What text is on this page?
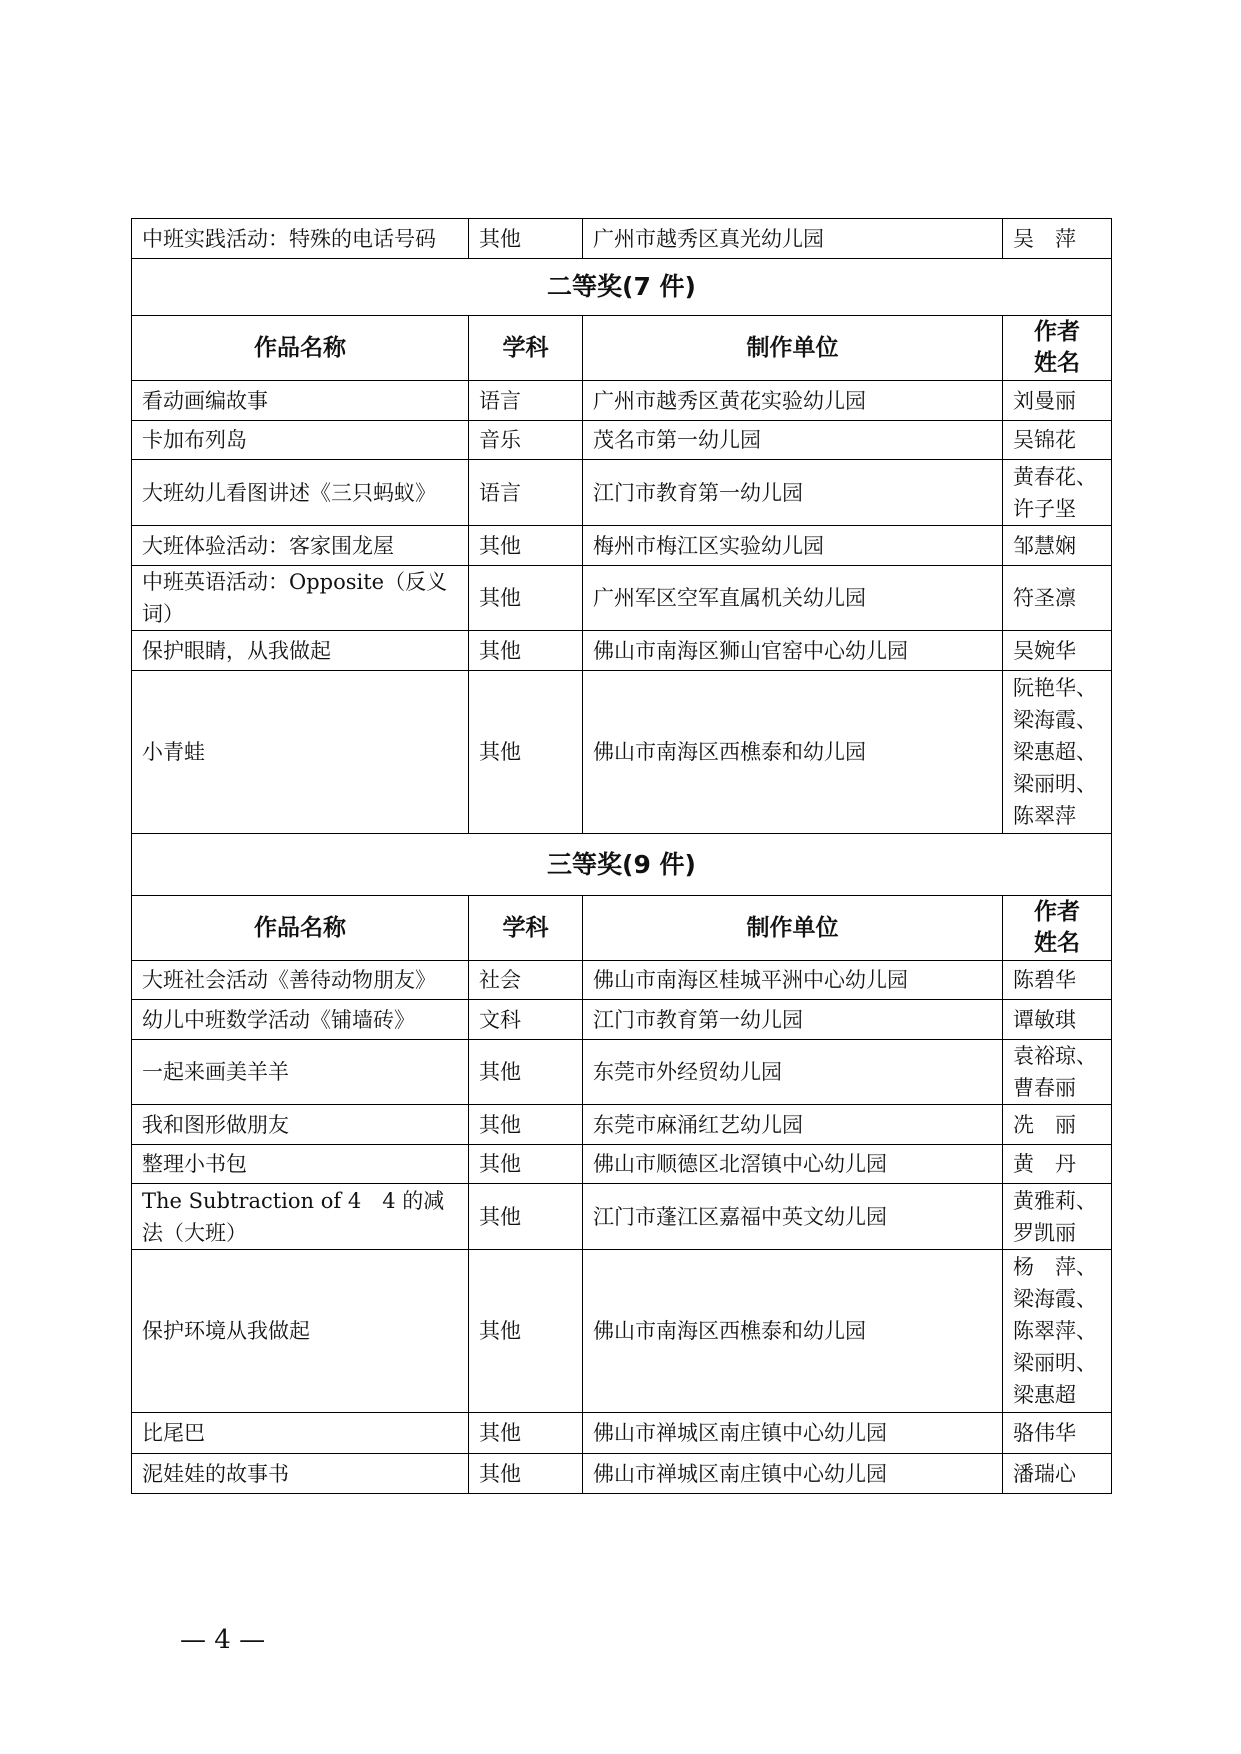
中班实践活动：特殊的电话号码	其他	广州市越秀区真光幼儿园	吴　萍
二等奖(7 件)			
作品名称	学科	制作单位	作者姓名
看动画编故事	语言	广州市越秀区黄花实验幼儿园	刘曼丽
卡加布列岛	音乐	茂名市第一幼儿园	吴锦花
大班幼儿看图讲述《三只蚂蚁》	语言	江门市教育第一幼儿园	黄春花、许子坚
大班体验活动：客家围龙屋	其他	梅州市梅江区实验幼儿园	邹慧娴
中班英语活动：Opposite（反义词）	其他	广州军区空军直属机关幼儿园	符圣凛
保护眼睛，从我做起	其他	佛山市南海区狮山官窑中心幼儿园	吴婉华
小青蛙	其他	佛山市南海区西樵泰和幼儿园	阮艳华、梁海霞、梁惠超、梁丽明、陈翠萍
三等奖(9 件)			
作品名称	学科	制作单位	作者姓名
大班社会活动《善待动物朋友》	社会	佛山市南海区桂城平洲中心幼儿园	陈碧华
幼儿中班数学活动《铺墙砖》	文科	江门市教育第一幼儿园	谭敏琪
一起来画美羊羊	其他	东莞市外经贸幼儿园	袁裕琼、曹春丽
我和图形做朋友	其他	东莞市麻涌红艺幼儿园	冼　丽
整理小书包	其他	佛山市顺德区北滘镇中心幼儿园	黄　丹
The Subtraction of 4　4 的减法（大班）	其他	江门市蓬江区嘉福中英文幼儿园	黄雅莉、罗凯丽
保护环境从我做起	其他	佛山市南海区西樵泰和幼儿园	杨　萍、梁海霞、陈翠萍、梁丽明、梁惠超
比尾巴	其他	佛山市禅城区南庄镇中心幼儿园	骆伟华
泥娃娃的故事书	其他	佛山市禅城区南庄镇中心幼儿园	潘瑞心
— 4 —
